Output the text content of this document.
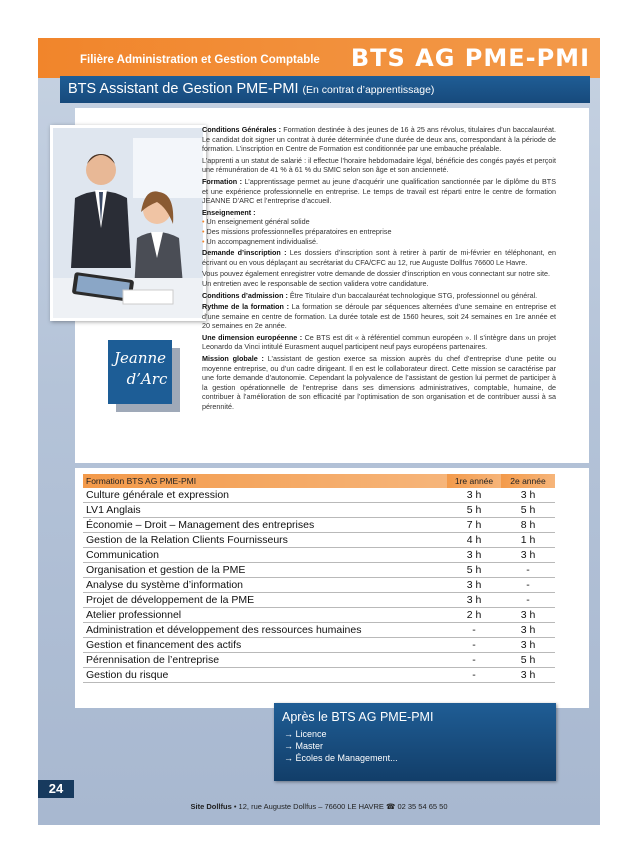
Filière Administration et Gestion Comptable BTS AG PME-PMI
BTS Assistant de Gestion PME-PMI (En contrat d’apprentissage)
Jeanne
d’Arc

Conditions Générales : Formation destinée à des jeunes de 16 à 25 ans révolus, titulaires d’un baccalauréat. Le candidat doit signer un contrat à durée déterminée d’une durée de deux ans, correspondant à la période de formation. L’inscription en Centre de Formation est conditionnée par une embauche préalable.

L’apprenti a un statut de salarié : il effectue l’horaire hebdomadaire légal, bénéficie des congés payés et perçoit une rémunération de 41 % à 61 % du SMIC selon son âge et son ancienneté.

Formation : L’apprentissage permet au jeune d’acquérir une qualification sanctionnée par le diplôme du BTS et une expérience professionnelle en entreprise. Le temps de travail est réparti entre le centre de formation JEANNE D’ARC et l’entreprise d’accueil.

Enseignement :

• Un enseignement général solide
• Des missions professionnelles préparatoires en entreprise
• Un accompagnement individualisé.

Demande d’inscription : Les dossiers d’inscription sont à retirer à partir de mi-février en téléphonant, en écrivant ou en vous déplaçant au secrétariat du CFA/CFC au 12, rue Auguste Dollfus 76600 Le Havre.

Vous pouvez également enregistrer votre demande de dossier d’inscription en vous connectant sur notre site.

Un entretien avec le responsable de section validera votre candidature.

Conditions d’admission : Être Titulaire d’un baccalauréat technologique STG, professionnel ou général.

Rythme de la formation : La formation se déroule par séquences alternées d’une semaine en entreprise et d’une semaine en centre de formation. La durée totale est de 1560 heures, soit 24 semaines en 1re année et 20 semaines en 2e année.

Une dimension européenne : Ce BTS est dit « à référentiel commun européen ». Il s’intègre dans un projet Leonardo da Vinci intitulé Eurasment auquel participent neuf pays européens partenaires.

Mission globale : L’assistant de gestion exerce sa mission auprès du chef d’entreprise d’une petite ou moyenne entreprise, ou d’un cadre dirigeant. Il en est le collaborateur direct. Cette mission se caractérise par une forte demande d’autonomie. Cependant la polyvalence de l’assistant de gestion lui permet de participer à la gestion opérationnelle de l’entreprise dans ses dimensions administratives, comptable, humaine, de contribuer à l’amélioration de son efficacité par l’optimisation de son organisation et de contribuer aussi à sa pérennité.

Formation BTS AG PME-PMI	1re année	2e année
Culture générale et expression	3 h	3 h
LV1 Anglais	5 h	5 h
Économie – Droit – Management des entreprises	7 h	8 h
Gestion de la Relation Clients Fournisseurs	4 h	1 h
Communication	3 h	3 h
Organisation et gestion de la PME	5 h	-
Analyse du système d’information	3 h	-
Projet de développement de la PME	3 h	-
Atelier professionnel	2 h	3 h
Administration et développement des ressources humaines	-	3 h
Gestion et financement des actifs	-	3 h
Pérennisation de l’entreprise	-	5 h
Gestion du risque	-	3 h
Après le BTS AG PME-PMI
→ Licence
→ Master
→ Écoles de Management...
24
Site Dollfus • 12, rue Auguste Dollfus – 76600 LE HAVRE ☎ 02 35 54 65 50
